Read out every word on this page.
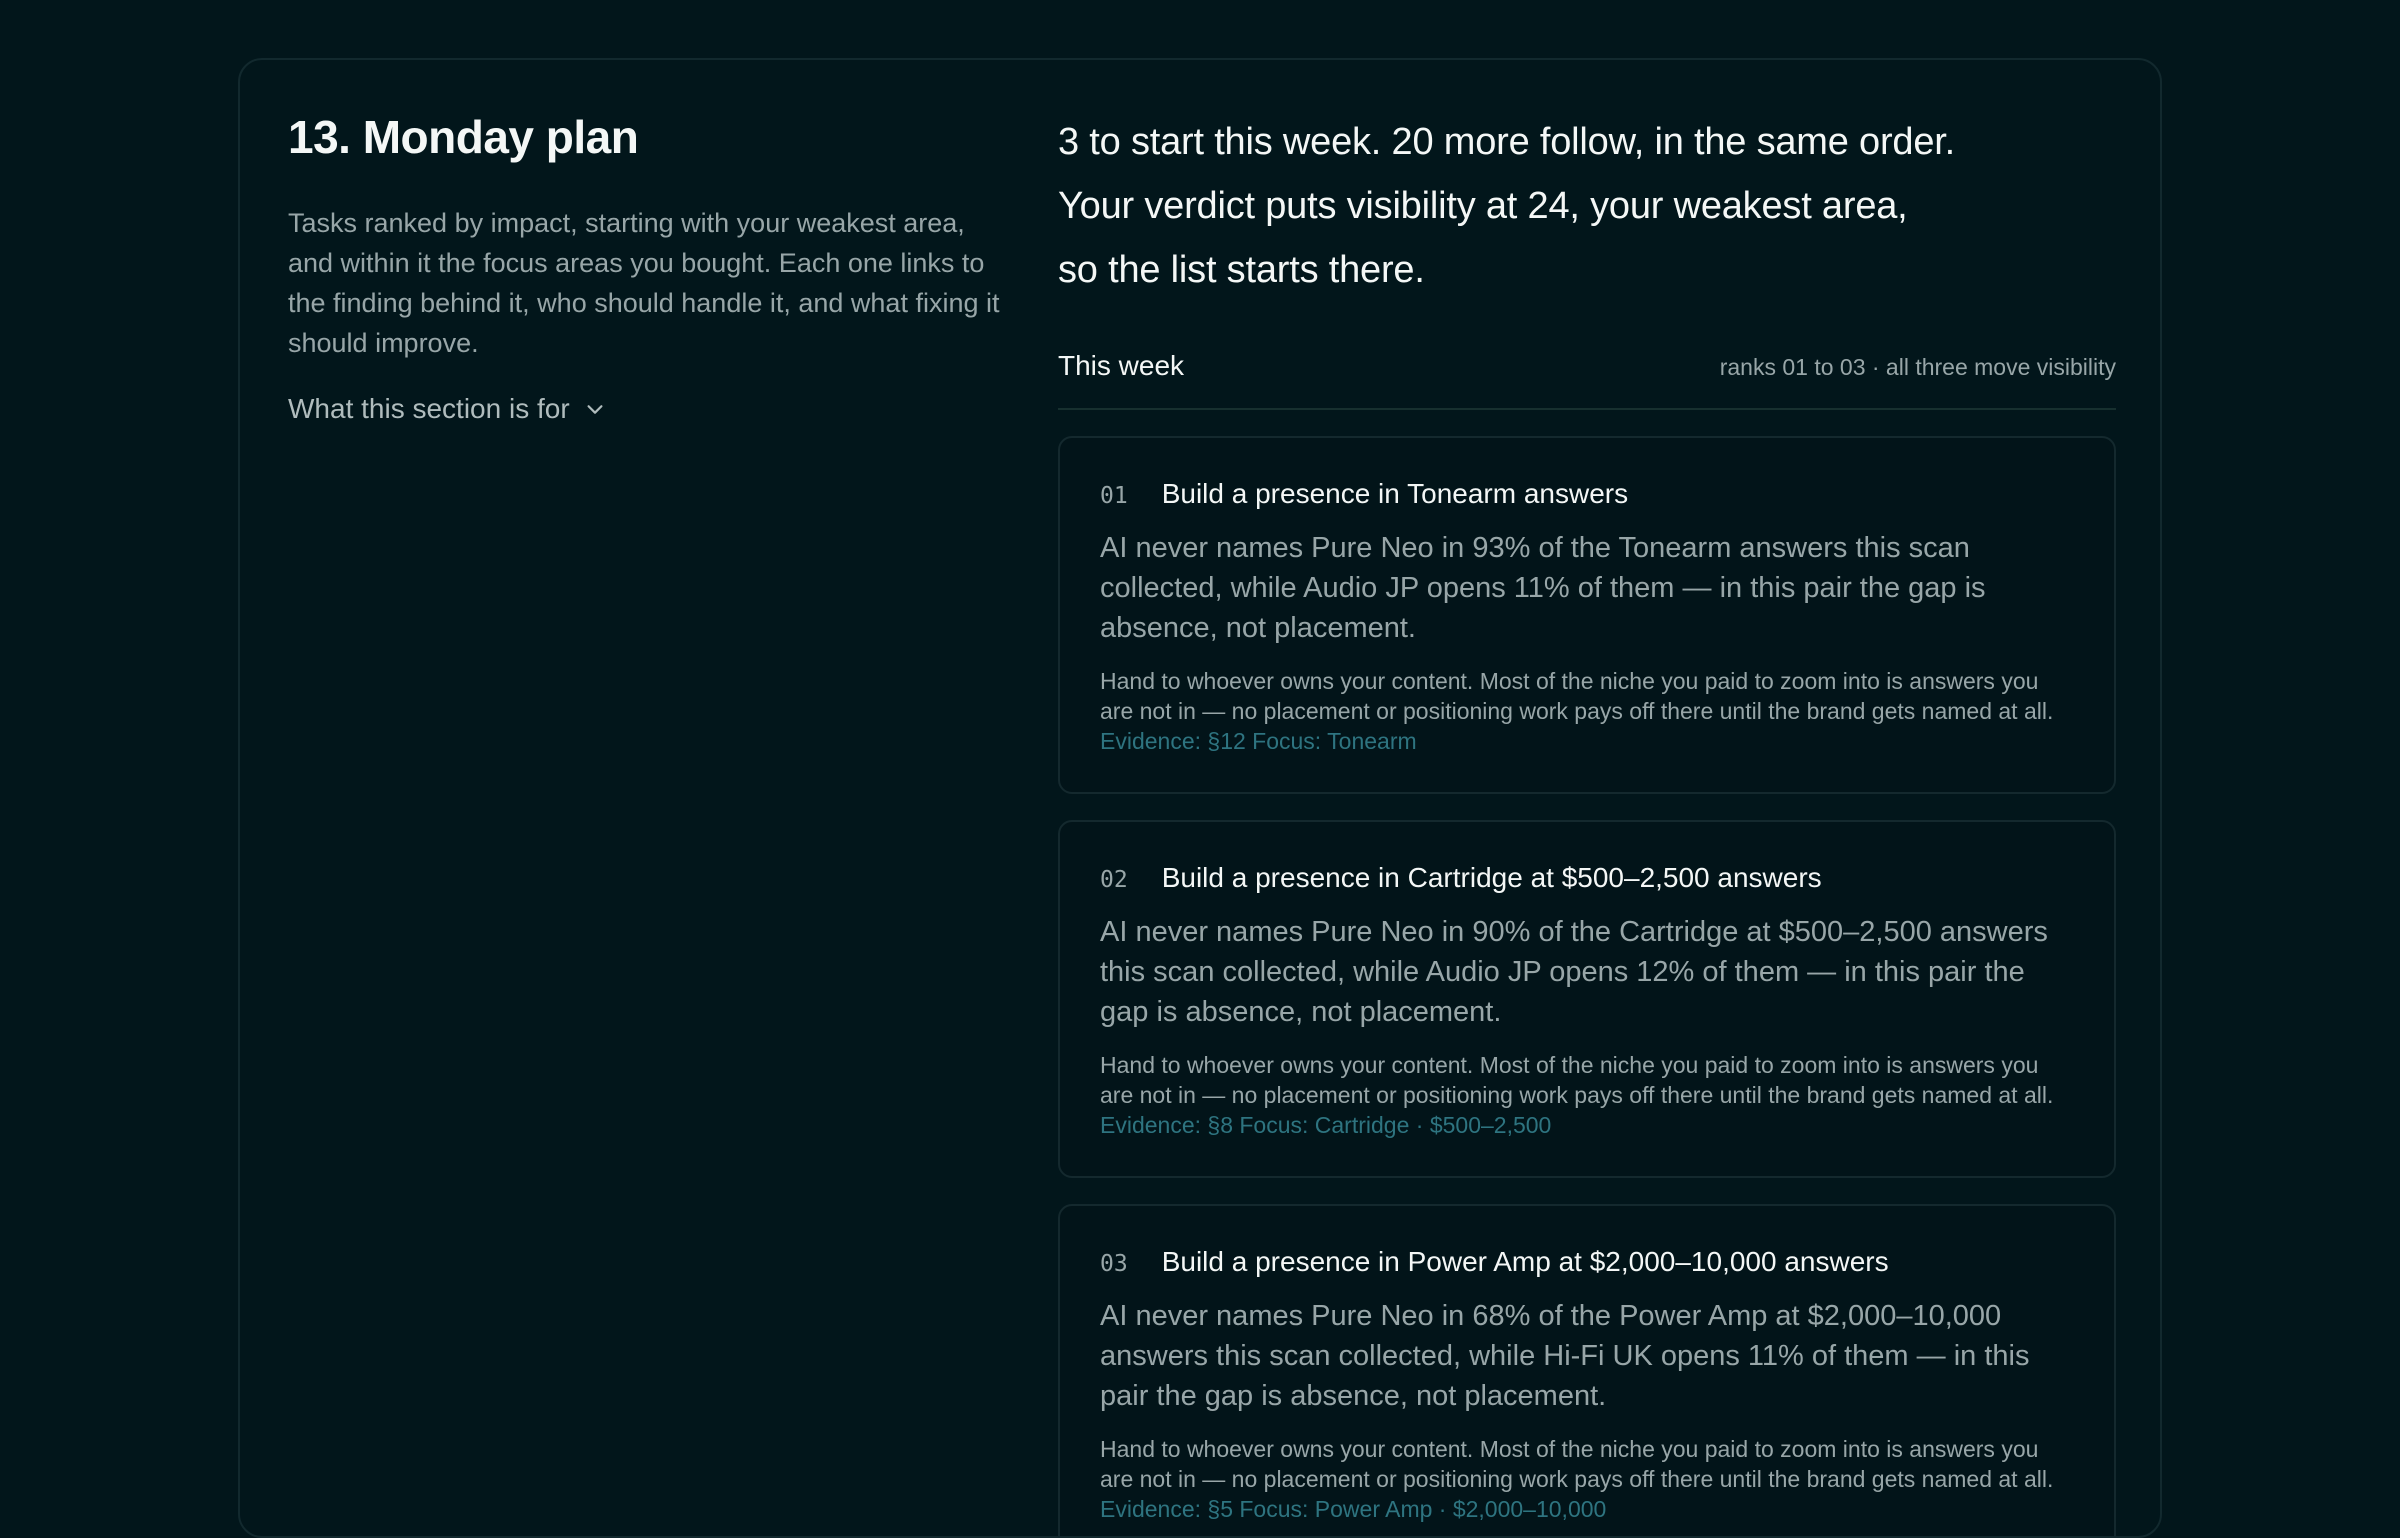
13. Monday plan

Tasks ranked by impact, starting with your weakest area, and within it the focus areas you bought. Each one links to the finding behind it, who should handle it, and what fixing it should improve.

What this section is for
3 to start this week. 20 more follow, in the same order.
Your verdict puts visibility at 24, your weakest area,
so the list starts there.
This week	ranks 01 to 03 · all three move visibility
01 Build a presence in Tonearm answers

AI never names Pure Neo in 93% of the Tonearm answers this scan collected, while Audio JP opens 11% of them — in this pair the gap is absence, not placement.

Hand to whoever owns your content. Most of the niche you paid to zoom into is answers you are not in — no placement or positioning work pays off there until the brand gets named at all. Evidence: §12 Focus: Tonearm

02 Build a presence in Cartridge at $500–2,500 answers

AI never names Pure Neo in 90% of the Cartridge at $500–2,500 answers this scan collected, while Audio JP opens 12% of them — in this pair the gap is absence, not placement.

Hand to whoever owns your content. Most of the niche you paid to zoom into is answers you are not in — no placement or positioning work pays off there until the brand gets named at all. Evidence: §8 Focus: Cartridge · $500–2,500

03 Build a presence in Power Amp at $2,000–10,000 answers

AI never names Pure Neo in 68% of the Power Amp at $2,000–10,000 answers this scan collected, while Hi-Fi UK opens 11% of them — in this pair the gap is absence, not placement.

Hand to whoever owns your content. Most of the niche you paid to zoom into is answers you are not in — no placement or positioning work pays off there until the brand gets named at all. Evidence: §5 Focus: Power Amp · $2,000–10,000
